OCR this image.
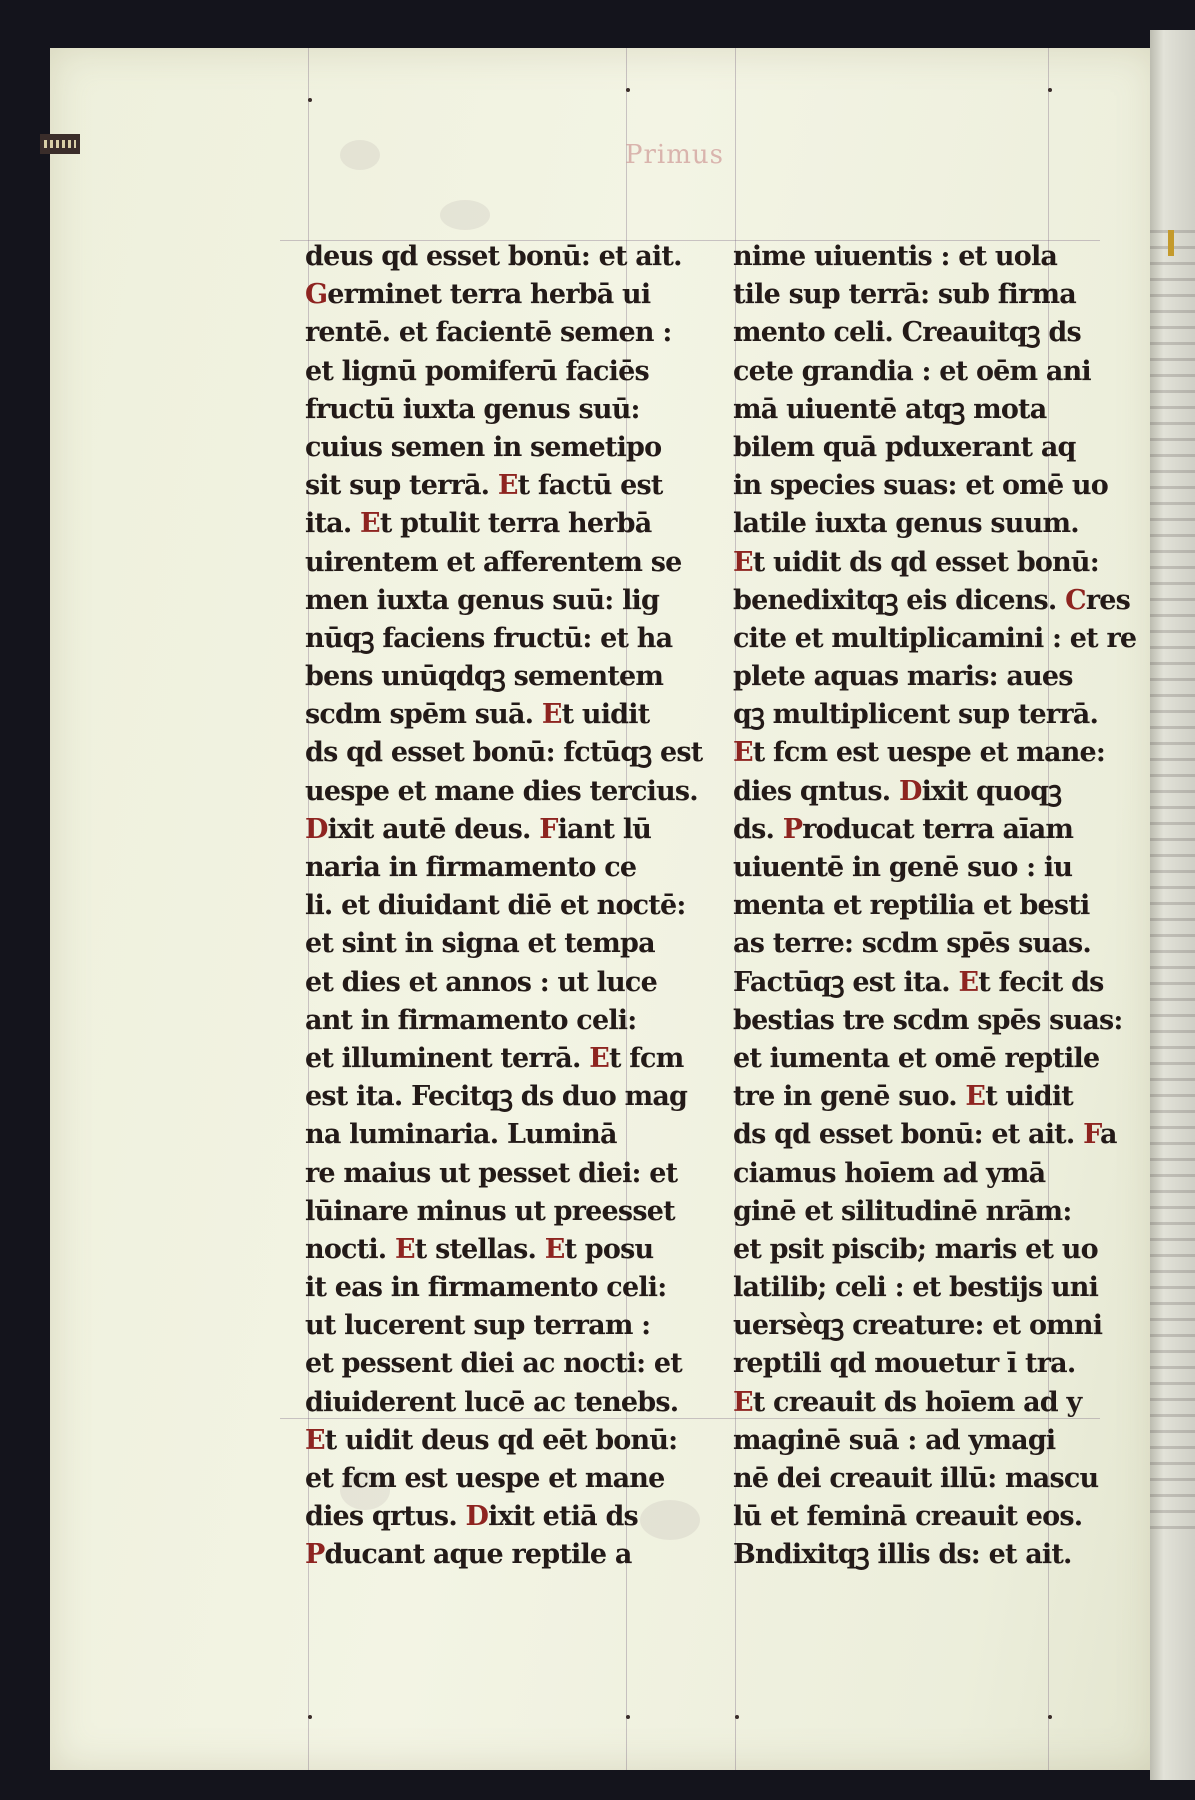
Primus
deus qd esset bonū: et ait.
Germinet terra herbā ui
rentē. et facientē semen :
et lignū pomiferū faciēs
fructū iuxta genus suū:
cuius semen in semetipo
sit sup terrā. Et factū est
ita. Et ptulit terra herbā
uirentem et afferentem se
men iuxta genus suū: lig
nūqꝫ faciens fructū: et ha
bens unūqdqꝫ sementem
scdm spēm suā. Et uidit
ds qd esset bonū: fctūqꝫ est
uespe et mane dies tercius.
Dixit autē deus. Fiant lū
naria in firmamento ce
li. et diuidant diē et noctē:
et sint in signa et tempa
et dies et annos : ut luce
ant in firmamento celi:
et illuminent terrā. Et fcm
est ita. Fecitqꝫ ds duo mag
na luminaria. Luminā
re maius ut pesset diei: et
lūinare minus ut preesset
nocti. Et stellas. Et posu
it eas in firmamento celi:
ut lucerent sup terram :
et pessent diei ac nocti: et
diuiderent lucē ac tenebs.
Et uidit deus qd eēt bonū:
et fcm est uespe et mane
dies qrtus. Dixit etiā ds
Pducant aque reptile a
nime uiuentis : et uola
tile sup terrā: sub firma
mento celi. Creauitqꝫ ds
cete grandia : et oēm ani
mā uiuentē atqꝫ mota
bilem quā pduxerant aq
in species suas: et omē uo
latile iuxta genus suum.
Et uidit ds qd esset bonū:
benedixitqꝫ eis dicens. Cres
cite et multiplicamini : et re
plete aquas maris: aues
qꝫ multiplicent sup terrā.
Et fcm est uespe et mane:
dies qntus. Dixit quoqꝫ
ds. Producat terra aīam
uiuentē in genē suo : iu
menta et reptilia et besti
as terre: scdm spēs suas.
Factūqꝫ est ita. Et fecit ds
bestias tre scdm spēs suas:
et iumenta et omē reptile
tre in genē suo. Et uidit
ds qd esset bonū: et ait. Fa
ciamus hoīem ad ymā
ginē et silitudinē nrām:
et psit piscib; maris et uo
latilib; celi : et bestijs uni
uersèqꝫ creature: et omni
reptili qd mouetur ī tra.
Et creauit ds hoīem ad y
maginē suā : ad ymagi
nē dei creauit illū: mascu
lū et feminā creauit eos.
Bndixitqꝫ illis ds: et ait.
